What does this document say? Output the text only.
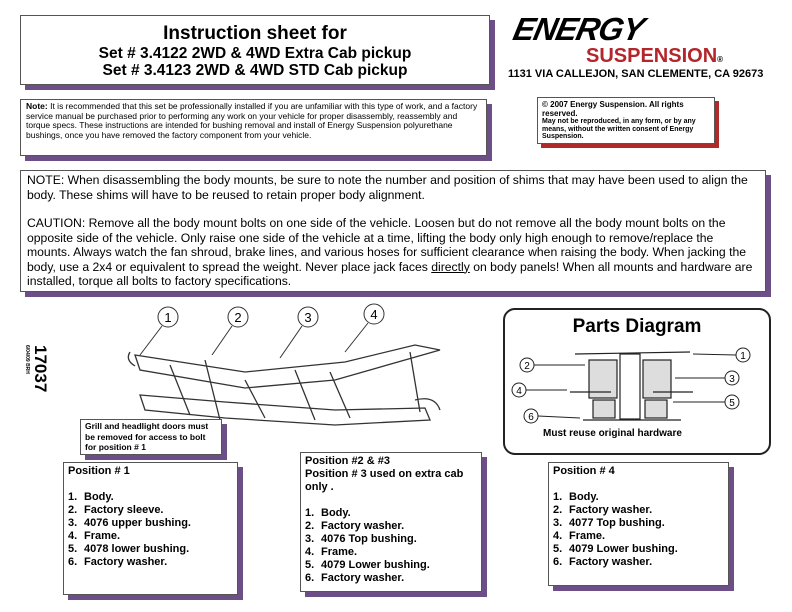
Instruction sheet for
Set # 3.4122 2WD & 4WD Extra Cab pickup
Set # 3.4123 2WD & 4WD STD Cab pickup
ENERGY
SUSPENSION®
1131 VIA CALLEJON, SAN CLEMENTE, CA 92673
© 2007 Energy Suspension. All rights reserved.
May not be reproduced, in any form, or by any means, without the written consent of Energy Suspension.
Note: It is recommended that this set be professionally installed if you are unfamiliar with this type of work, and a factory service manual be purchased prior to performing any work on your vehicle for proper disassembly, reassembly and torque specs. These instructions are intended for bushing removal and install of Energy Suspension polyurethane bushings, once you have removed the factory component from your vehicle.

NOTE: When disassembling the body mounts, be sure to note the number and position of shims that may have been used to align the body. These shims will have to be reused to retain proper body alignment.

CAUTION: Remove all the body mount bolts on one side of the vehicle. Loosen but do not remove all the body mount bolts on the opposite side of the vehicle. Only raise one side of the vehicle at a time, lifting the body only high enough to remove/replace the mounts. Always watch the fan shroud, brake lines, and various hoses for sufficient clearance when raising the body. When jacking the body, use a 2x4 or equivalent to spread the weight. Never place jack faces directly on body panels! When all mounts and hardware are installed, torque all bolts to factory specifications.

17037
6/04/09 BRH
1	2	3	4
Grill and headlight doors must be removed for access to bolt for position # 1
Parts Diagram
1
2
3
4
5
6
Must reuse original hardware
Position # 1
1. Body.
2. Factory sleeve.
3. 4076 upper bushing.
4. Frame.
5. 4078 lower bushing.
6. Factory washer.
Position #2 & #3
Position # 3 used on extra cab only .
1. Body.
2. Factory washer.
3. 4076 Top bushing.
4. Frame.
5. 4079 Lower bushing.
6. Factory washer.
Position # 4
1. Body.
2. Factory washer.
3. 4077 Top bushing.
4. Frame.
5. 4079 Lower bushing.
6. Factory washer.
